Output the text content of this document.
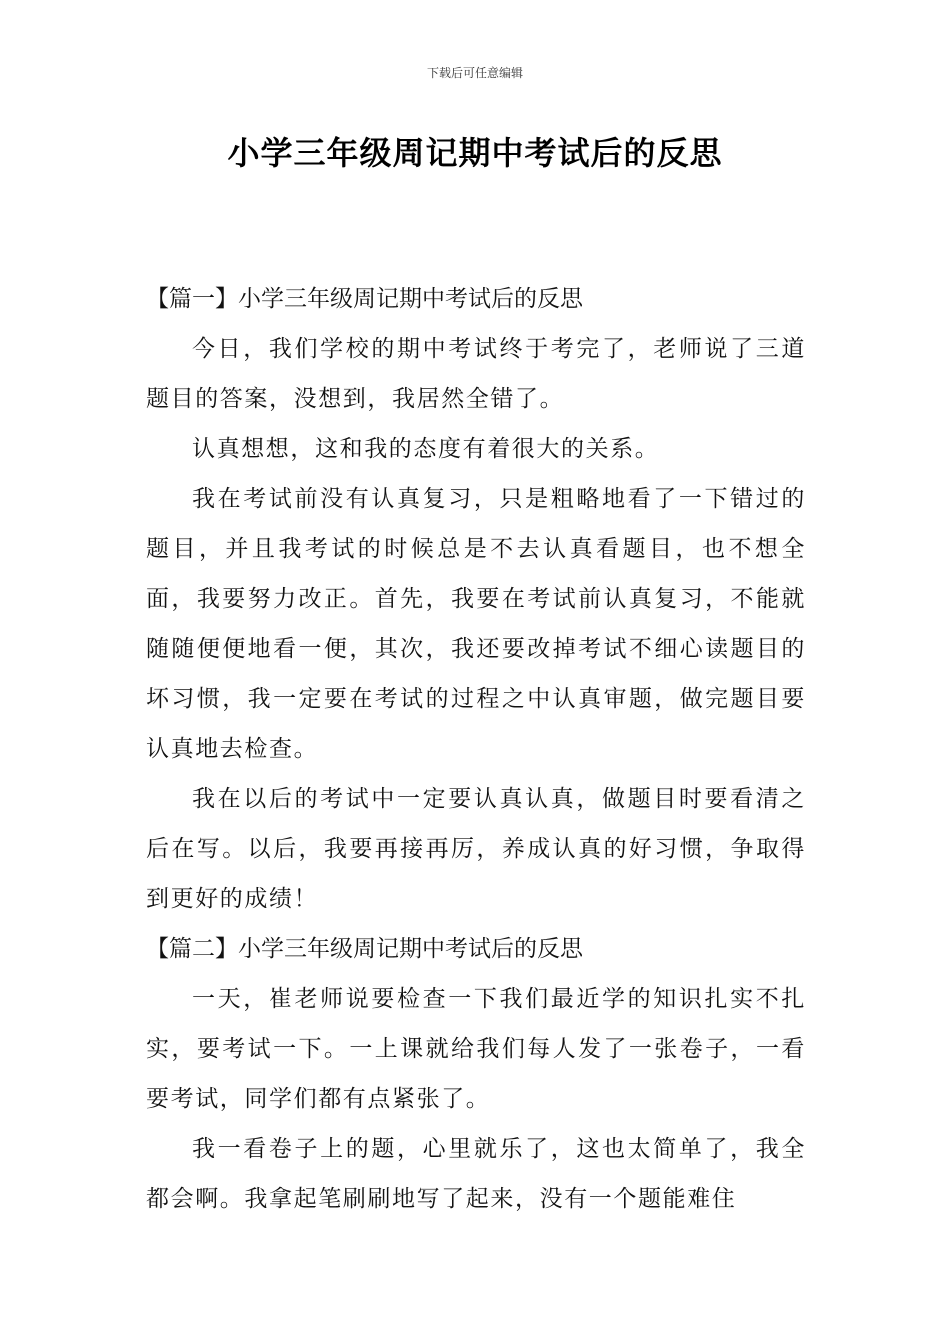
下载后可任意编辑
小学三年级周记期中考试后的反思

【篇一】小学三年级周记期中考试后的反思

今日，我们学校的期中考试终于考完了，老师说了三道题目的答案，没想到，我居然全错了。

认真想想，这和我的态度有着很大的关系。

我在考试前没有认真复习，只是粗略地看了一下错过的题目，并且我考试的时候总是不去认真看题目，也不想全面，我要努力改正。首先，我要在考试前认真复习，不能就随随便便地看一便，其次，我还要改掉考试不细心读题目的坏习惯，我一定要在考试的过程之中认真审题，做完题目要认真地去检查。

我在以后的考试中一定要认真认真，做题目时要看清之后在写。以后，我要再接再厉，养成认真的好习惯，争取得到更好的成绩！

【篇二】小学三年级周记期中考试后的反思

一天，崔老师说要检查一下我们最近学的知识扎实不扎实，要考试一下。一上课就给我们每人发了一张卷子，一看要考试，同学们都有点紧张了。

我一看卷子上的题，心里就乐了，这也太简单了，我全都会啊。我拿起笔刷刷地写了起来，没有一个题能难住
